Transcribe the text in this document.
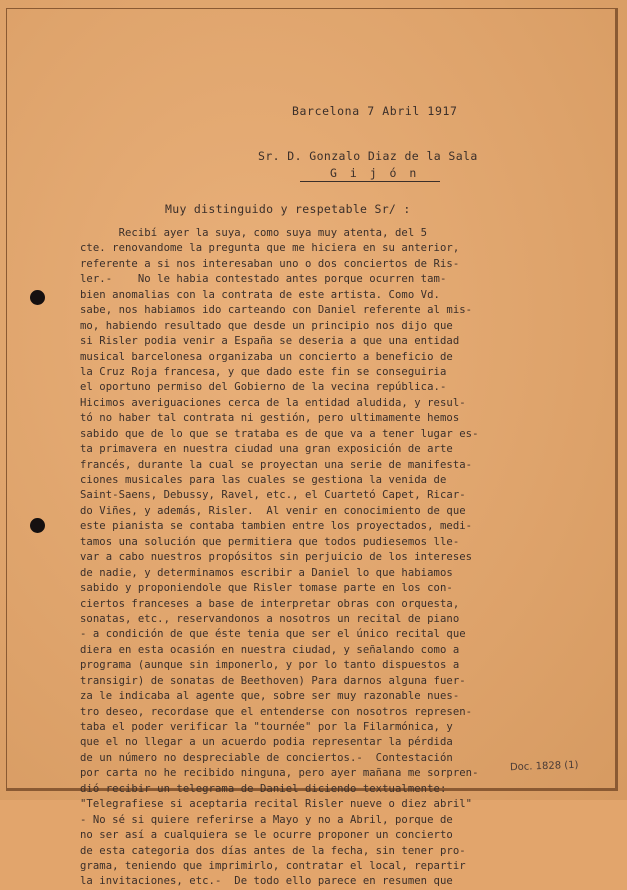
Barcelona 7 Abril 1917
Sr. D. Gonzalo Diaz de la Sala
G i j ó n
Muy distinguido y respetable Sr/ :
Recibí ayer la suya, como suya muy atenta, del 5
cte. renovandome la pregunta que me hiciera en su anterior,
referente a si nos interesaban uno o dos conciertos de Ris-
ler.-    No le habia contestado antes porque ocurren tam-
bien anomalias con la contrata de este artista. Como Vd.
sabe, nos habiamos ido carteando con Daniel referente al mis-
mo, habiendo resultado que desde un principio nos dijo que
si Risler podia venir a España se deseria a que una entidad
musical barcelonesa organizaba un concierto a beneficio de
la Cruz Roja francesa, y que dado este fin se conseguiria
el oportuno permiso del Gobierno de la vecina república.-
Hicimos averiguaciones cerca de la entidad aludida, y resul-
tó no haber tal contrata ni gestión, pero ultimamente hemos
sabido que de lo que se trataba es de que va a tener lugar es-
ta primavera en nuestra ciudad una gran exposición de arte
francés, durante la cual se proyectan una serie de manifesta-
ciones musicales para las cuales se gestiona la venida de
Saint-Saens, Debussy, Ravel, etc., el Cuartetó Capet, Ricar-
do Viñes, y además, Risler.  Al venir en conocimiento de que
este pianista se contaba tambien entre los proyectados, medi-
tamos una solución que permitiera que todos pudiesemos lle-
var a cabo nuestros propósitos sin perjuicio de los intereses
de nadie, y determinamos escribir a Daniel lo que habiamos
sabido y proponiendole que Risler tomase parte en los con-
ciertos franceses a base de interpretar obras con orquesta,
sonatas, etc., reservandonos a nosotros un recital de piano
- a condición de que éste tenia que ser el único recital que
diera en esta ocasión en nuestra ciudad, y señalando como a
programa (aunque sin imponerlo, y por lo tanto dispuestos a
transigir) de sonatas de Beethoven) Para darnos alguna fuer-
za le indicaba al agente que, sobre ser muy razonable nues-
tro deseo, recordase que el entenderse con nosotros represen-
taba el poder verificar la "tournée" por la Filarmónica, y
que el no llegar a un acuerdo podia representar la pérdida
de un número no despreciable de conciertos.-  Contestación
por carta no he recibido ninguna, pero ayer mañana me sorpren-
dió recibir un telegrama de Daniel diciendo textualmente:
"Telegrafiese si aceptaria recital Risler nueve o diez abril"
- No sé si quiere referirse a Mayo y no a Abril, porque de
no ser así a cualquiera se le ocurre proponer un concierto
de esta categoria dos días antes de la fecha, sin tener pro-
grama, teniendo que imprimirlo, contratar el local, repartir
la invitaciones, etc.-  De todo ello parece en resumen que
Doc. 1828 (1)
